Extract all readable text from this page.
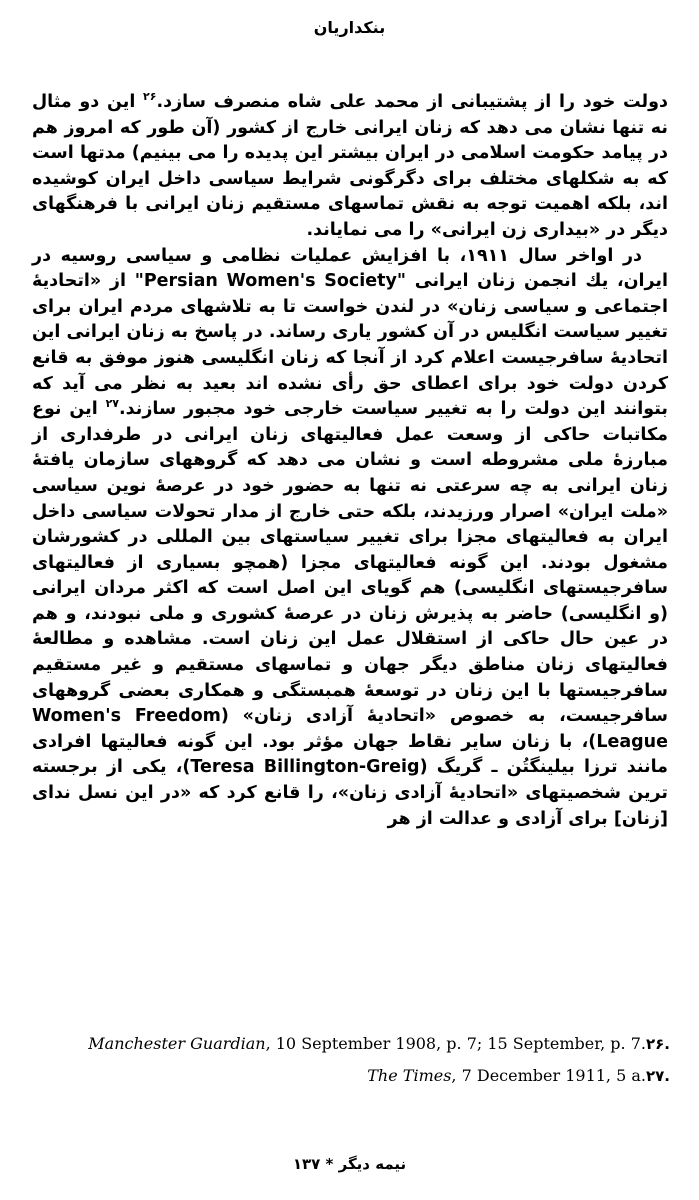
بنکداریان

دولت خود را از پشتیبانی از محمد علی شاه منصرف سازد.$^{۲۶}$ این دو مثال نه تنها نشان می دهد که زنان ایرانی خارج از کشور (آن طور که امروز هم در پیامد حکومت اسلامی در ایران بیشتر این پدیده را می بینیم) مدتها است که به شکلهای مختلف برای دگرگونی شرایط سیاسی داخل ایران کوشیده اند، بلکه اهمیت توجه به نقش تماسهای مستقیم زنان ایرانی با فرهنگهای دیگر در «بیداری زن ایرانی» را می نمایاند.

در اواخر سال ۱۹۱۱، با افزایش عملیات نظامی و سیاسی روسیه در ایران، یك انجمن زنان ایرانی "Persian Women's Society" از «اتحادیهٔ اجتماعی و سیاسی زنان» در لندن خواست تا به تلاشهای مردم ایران برای تغییر سیاست انگلیس در آن کشور یاری رساند. در پاسخ به زنان ایرانی این اتحادیهٔ سافرجیست اعلام کرد از آنجا که زنان انگلیسی هنوز موفق به قانع کردن دولت خود برای اعطای حق رأی نشده اند بعید به نظر می آید که بتوانند این دولت را به تغییر سیاست خارجی خود مجبور سازند.$^{۲۷}$ این نوع مکاتبات حاکی از وسعت عمل فعالیتهای زنان ایرانی در طرفداری از مبارزهٔ ملی مشروطه است و نشان می دهد که گروههای سازمان یافتهٔ زنان ایرانی به چه سرعتی نه تنها به حضور خود در عرصهٔ نوین سیاسی «ملت ایران» اصرار ورزیدند، بلکه حتی خارج از مدار تحولات سیاسی داخل ایران به فعالیتهای مجزا برای تغییر سیاستهای بین المللی در کشورشان مشغول بودند. این گونه فعالیتهای مجزا (همچو بسیاری از فعالیتهای سافرجیستهای انگلیسی) هم گویای این اصل است که اکثر مردان ایرانی (و انگلیسی) حاضر به پذیرش زنان در عرصهٔ کشوری و ملی نبودند، و هم در عین حال حاکی از استقلال عمل این زنان است. مشاهده و مطالعهٔ فعالیتهای زنان مناطق دیگر جهان و تماسهای مستقیم و غیر مستقیم سافرجیستها با این زنان در توسعهٔ همبستگی و همکاری بعضی گروههای سافرجیست، به خصوص «اتحادیهٔ آزادی زنان» (Women's Freedom League)، با زنان سایر نقاط جهان مؤثر بود. این گونه فعالیتها افرادی مانند ترزا بیلینگتُن ـ گریگ (Teresa Billington-Greig)، یکی از برجسته ترین شخصیتهای «اتحادیهٔ آزادی زنان»، را قانع کرد که «در این نسل ندای [زنان] برای آزادی و عدالت از هر

.۲۶Manchester Guardian, 10 September 1908, p. 7; 15 September, p. 7.
.۲۷The Times, 7 December 1911, 5 a.
نیمه دیگر * ۱۳۷
